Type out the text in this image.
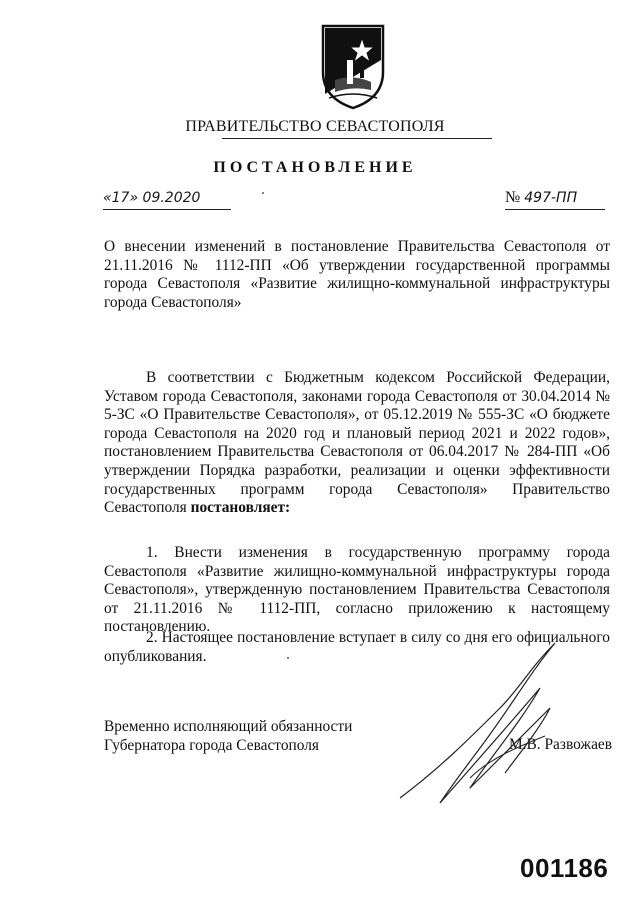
ПРАВИТЕЛЬСТВО СЕВАСТОПОЛЯ
ПОСТАНОВЛЕНИЕ
«17» 09.2020	№ 497-ПП
О внесении изменений в постановление Правительства Севастополя от 21.11.2016 № 1112-ПП «Об утверждении государственной программы города Севастополя «Развитие жилищно-коммунальной инфраструктуры города Севастополя»
В соответствии с Бюджетным кодексом Российской Федерации, Уставом города Севастополя, законами города Севастополя от 30.04.2014 № 5-ЗС «О Правительстве Севастополя», от 05.12.2019 № 555-ЗС «О бюджете города Севастополя на 2020 год и плановый период 2021 и 2022 годов», постановлением Правительства Севастополя от 06.04.2017 № 284-ПП «Об утверждении Порядка разработки, реализации и оценки эффективности государственных программ города Севастополя» Правительство Севастополя постановляет:
1. Внести изменения в государственную программу города Севастополя «Развитие жилищно-коммунальной инфраструктуры города Севастополя», утвержденную постановлением Правительства Севастополя от 21.11.2016 № 1112-ПП, согласно приложению к настоящему постановлению.
2. Настоящее постановление вступает в силу со дня его официального опубликования.
Временно исполняющий обязанности
Губернатора города Севастополя	М.В. Развожаев
001186
